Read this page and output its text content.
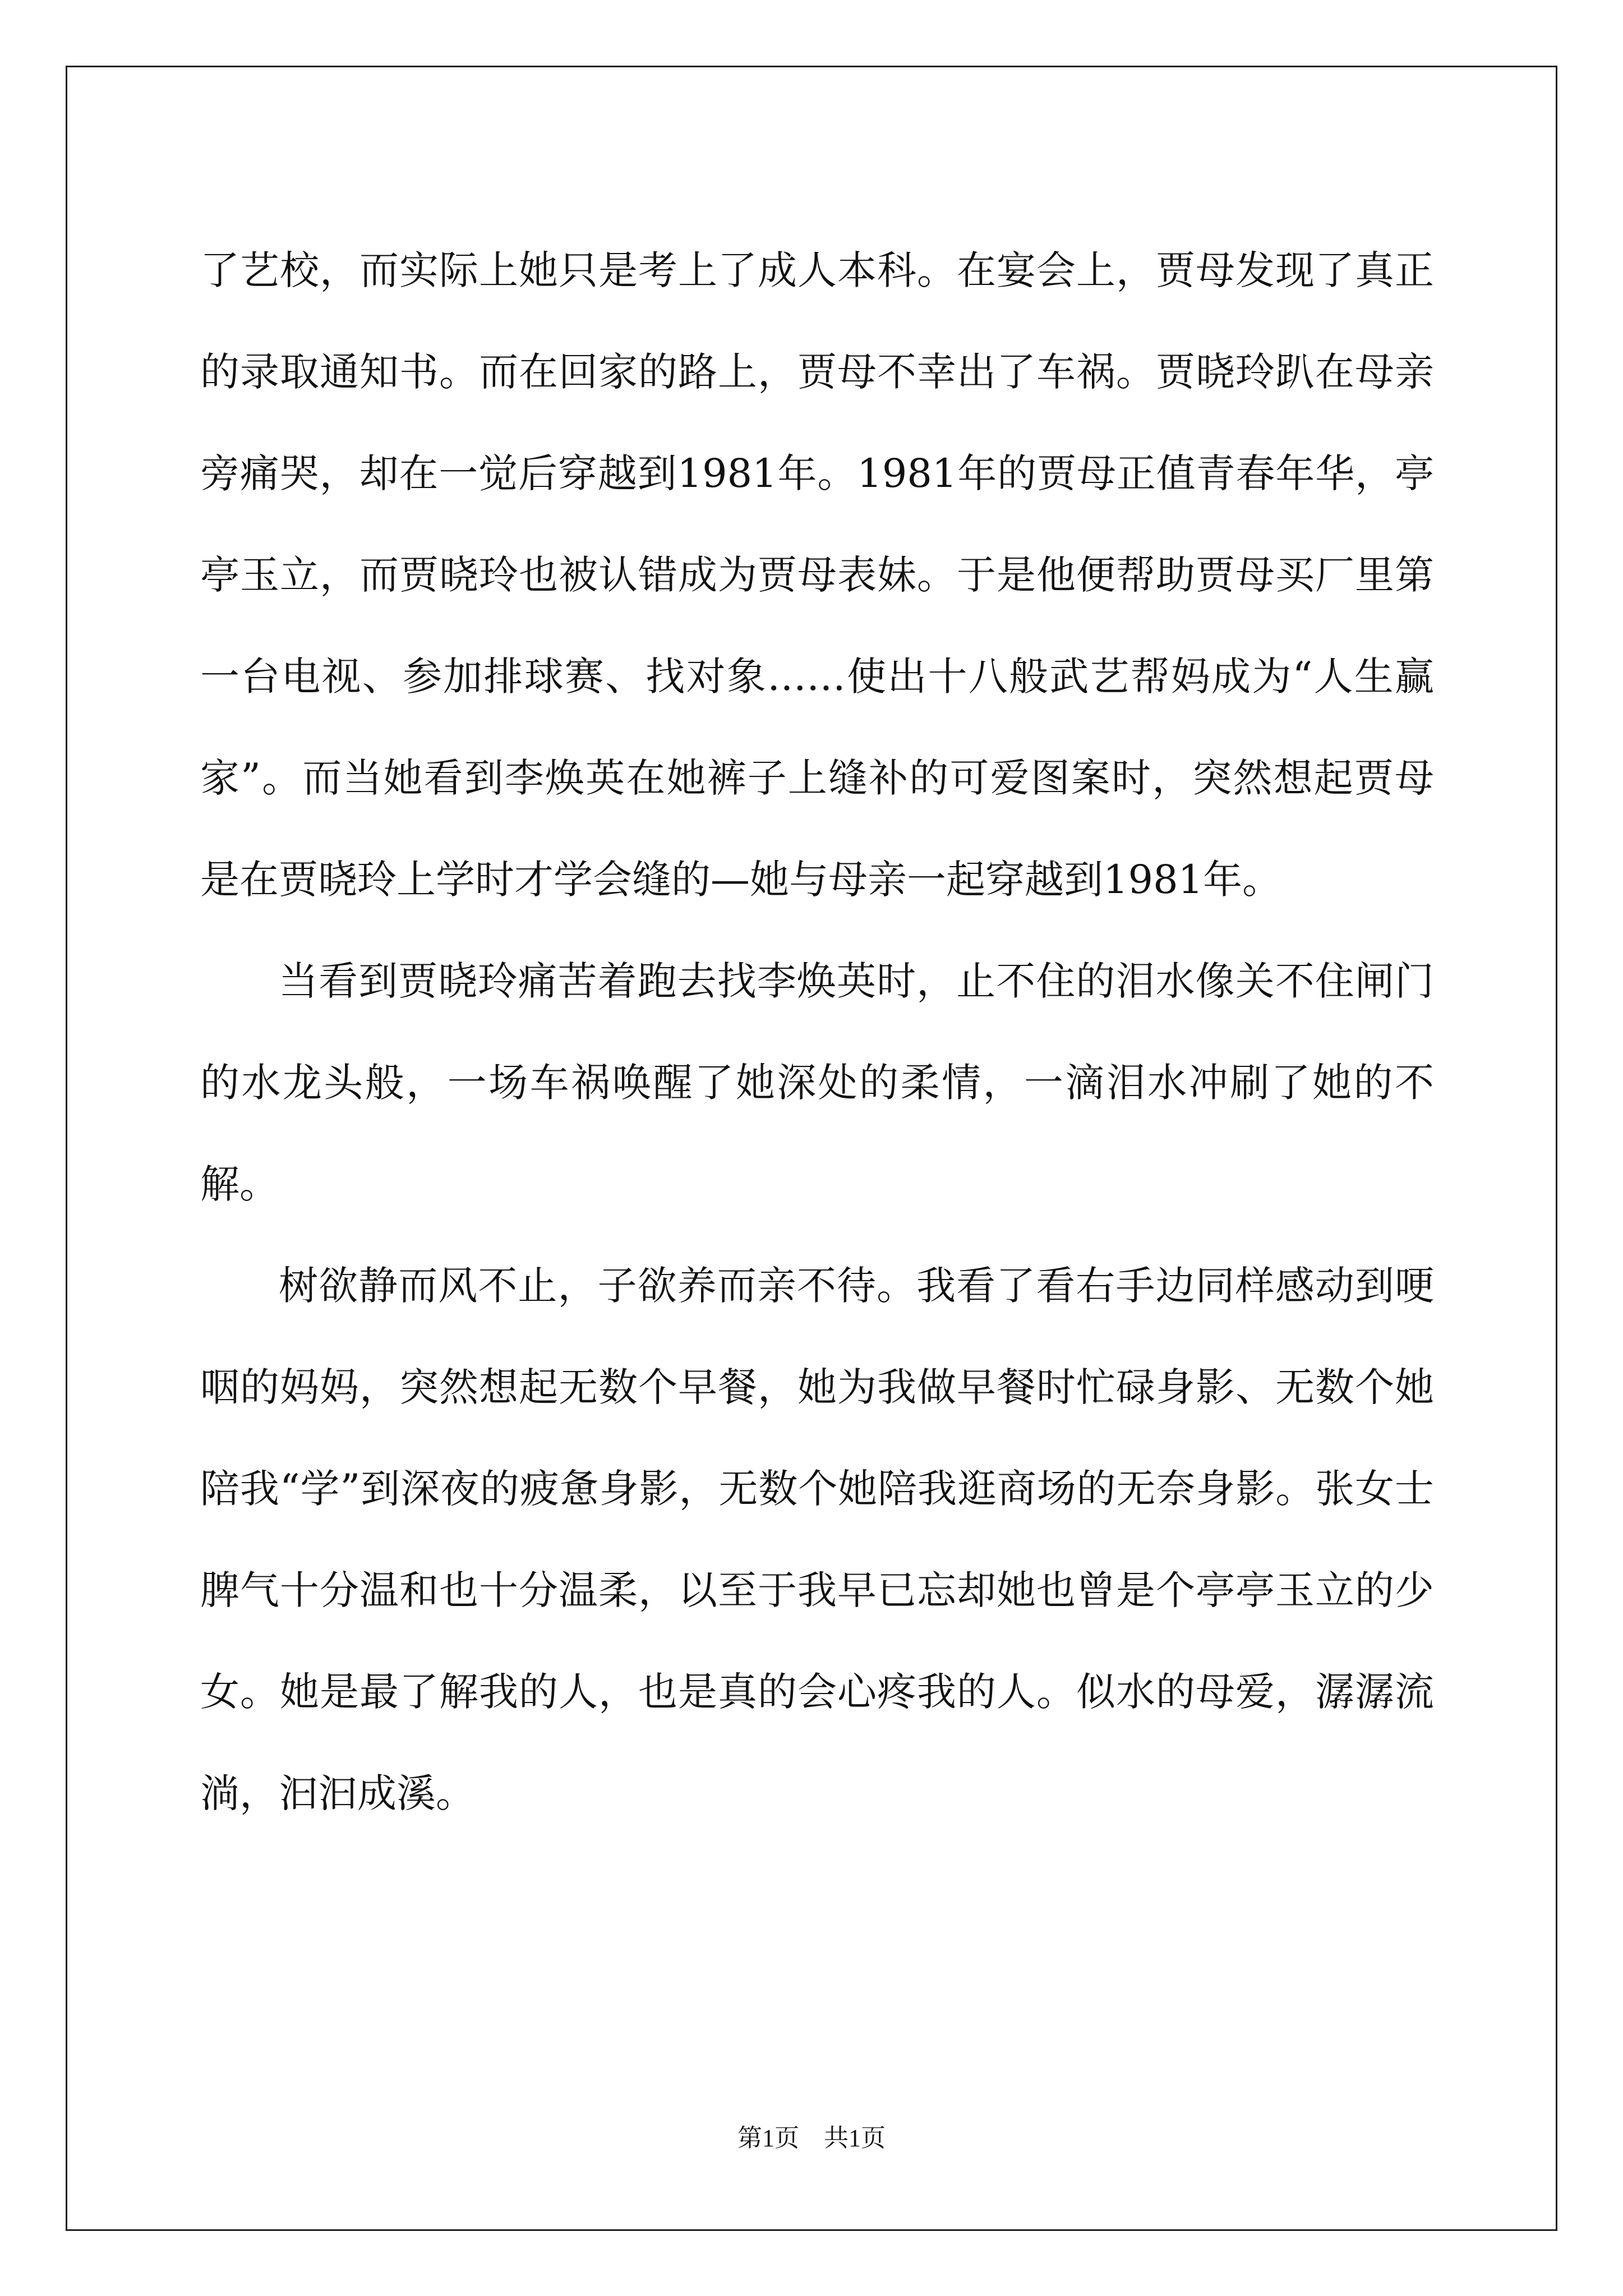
了艺校，而实际上她只是考上了成人本科。在宴会上，贾母发现了真正的录取通知书。而在回家的路上，贾母不幸出了车祸。贾晓玲趴在母亲旁痛哭，却在一觉后穿越到1981年。1981年的贾母正值青春年华，亭亭玉立，而贾晓玲也被认错成为贾母表妹。于是他便帮助贾母买厂里第一台电视、参加排球赛、找对象……使出十八般武艺帮妈成为“人生赢家”。而当她看到李焕英在她裤子上缝补的可爱图案时，突然想起贾母是在贾晓玲上学时才学会缝的—她与母亲一起穿越到1981年。

当看到贾晓玲痛苦着跑去找李焕英时，止不住的泪水像关不住闸门的水龙头般，一场车祸唤醒了她深处的柔情，一滴泪水冲刷了她的不解。

树欲静而风不止，子欲养而亲不待。我看了看右手边同样感动到哽咽的妈妈，突然想起无数个早餐，她为我做早餐时忙碌身影、无数个她陪我“学”到深夜的疲惫身影，无数个她陪我逛商场的无奈身影。张女士脾气十分温和也十分温柔，以至于我早已忘却她也曾是个亭亭玉立的少女。她是最了解我的人，也是真的会心疼我的人。似水的母爱，潺潺流淌，汩汩成溪。

第1页　共1页
